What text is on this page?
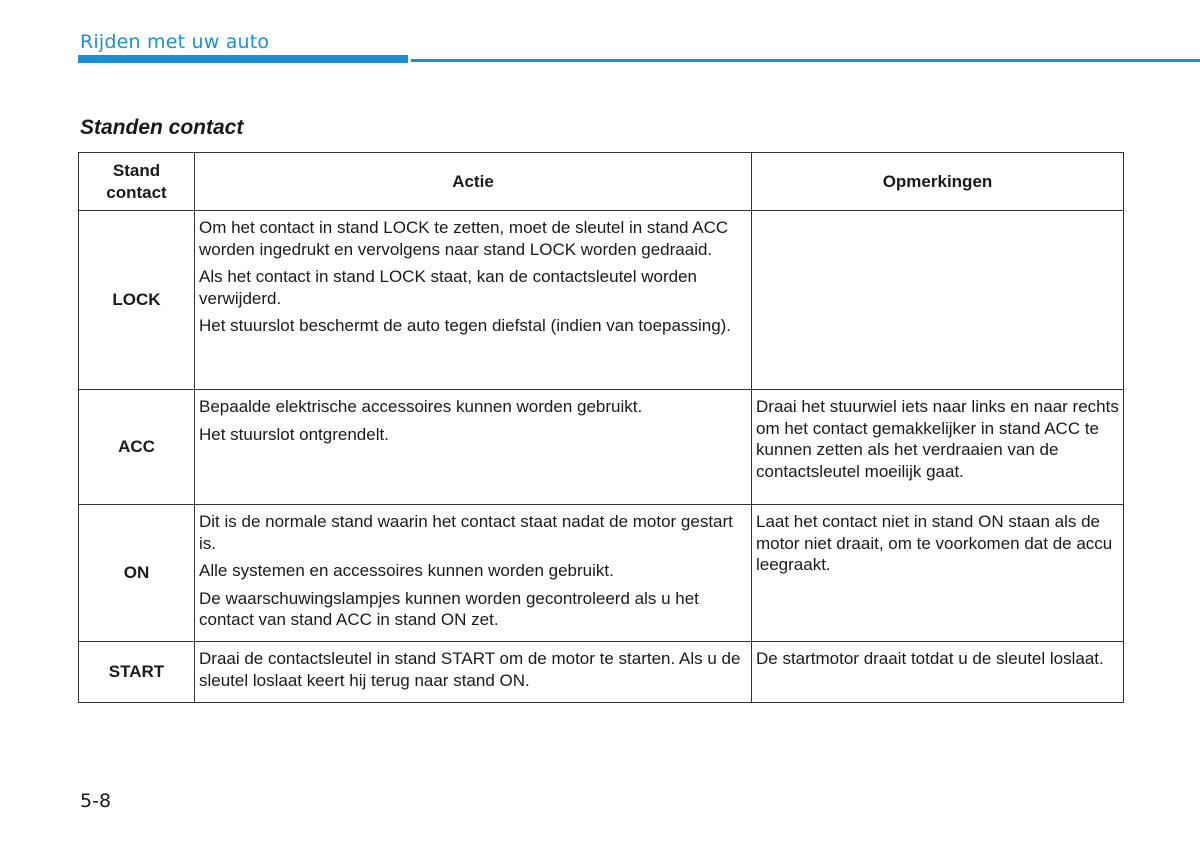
Rijden met uw auto
Standen contact
Stand contact	Actie	Opmerkingen
LOCK	Om het contact in stand LOCK te zetten, moet de sleutel in stand ACC worden ingedrukt en vervolgens naar stand LOCK worden gedraaid.

Als het contact in stand LOCK staat, kan de contactsleutel worden verwijderd.

Het stuurslot beschermt de auto tegen diefstal (indien van toepassing).	

ACC	Bepaalde elektrische accessoires kunnen worden gebruikt.

Het stuurslot ontgrendelt.	Draai het stuurwiel iets naar links en naar rechts om het contact gemakkelijker in stand ACC te kunnen zetten als het verdraaien van de contactsleutel moeilijk gaat.
ON	Dit is de normale stand waarin het contact staat nadat de motor gestart is.

Alle systemen en accessoires kunnen worden gebruikt.

De waarschuwingslampjes kunnen worden gecontroleerd als u het contact van stand ACC in stand ON zet.	Laat het contact niet in stand ON staan als de motor niet draait, om te voorkomen dat de accu leegraakt.
START	Draai de contactsleutel in stand START om de motor te starten. Als u de sleutel loslaat keert hij terug naar stand ON.	De startmotor draait totdat u de sleutel loslaat.
5-8
